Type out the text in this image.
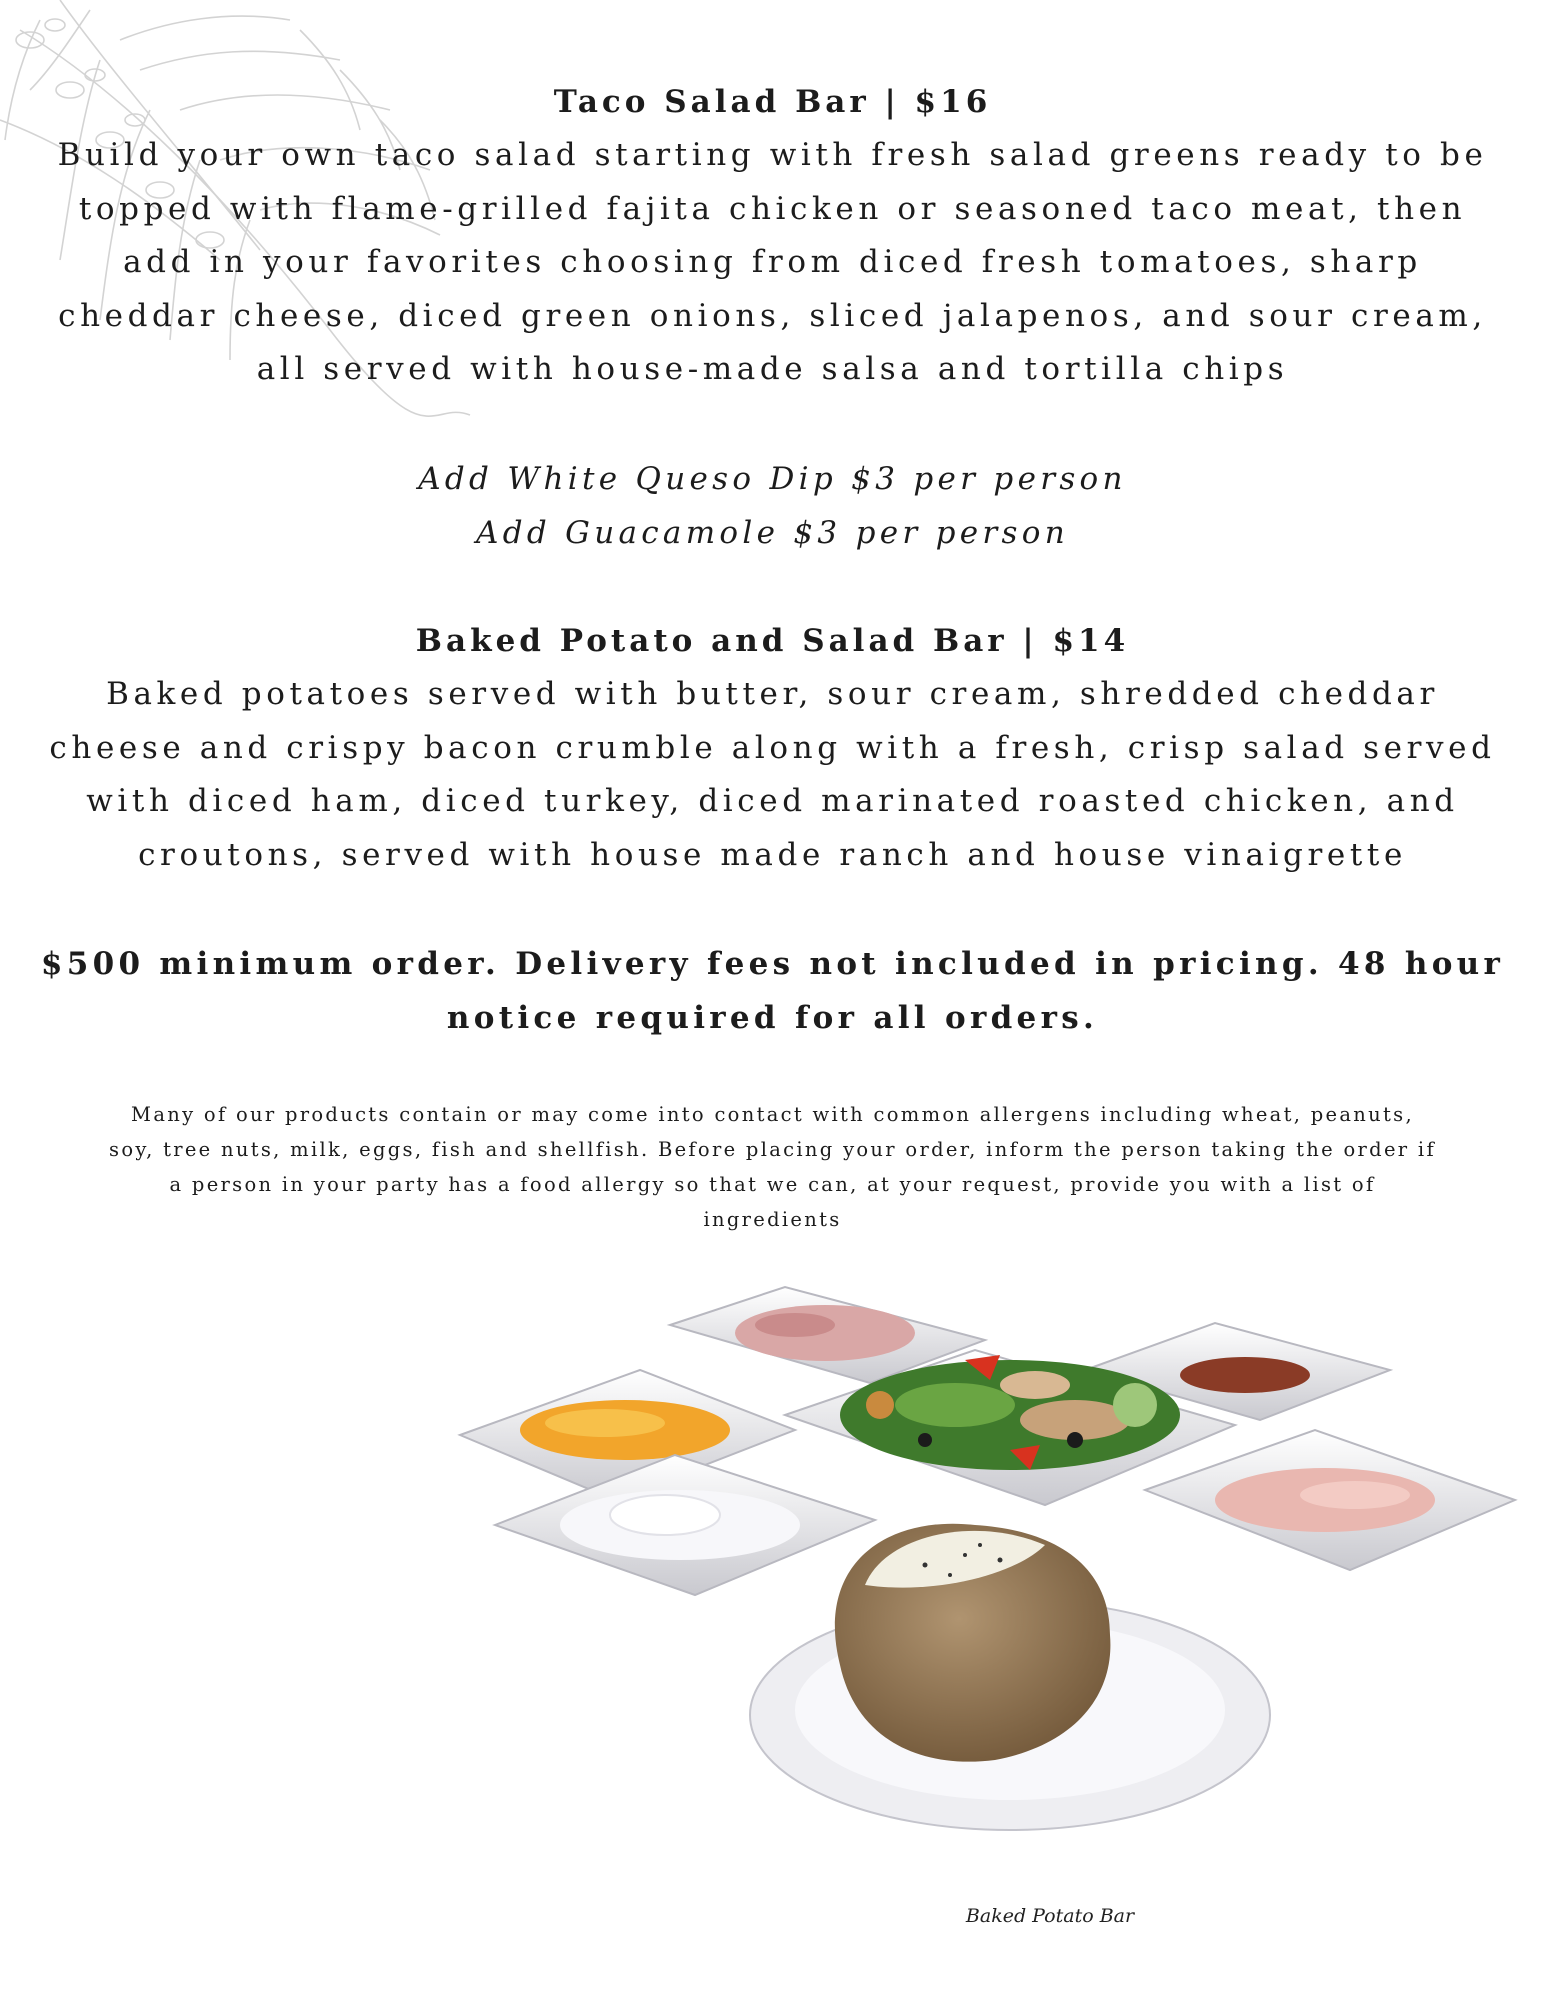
Taco Salad Bar | $16
Build your own taco salad starting with fresh salad greens ready to be
topped with flame-grilled fajita chicken or seasoned taco meat, then
add in your favorites choosing from diced fresh tomatoes, sharp
cheddar cheese, diced green onions, sliced jalapenos, and sour cream,
all served with house-made salsa and tortilla chips
Add White Queso Dip $3 per person
Add Guacamole $3 per person
Baked Potato and Salad Bar | $14
Baked potatoes served with butter, sour cream, shredded cheddar
cheese and crispy bacon crumble along with a fresh, crisp salad served
with diced ham, diced turkey, diced marinated roasted chicken, and
croutons, served with house made ranch and house vinaigrette
$500 minimum order. Delivery fees not included in pricing. 48 hour
notice required for all orders.
Many of our products contain or may come into contact with common allergens including wheat, peanuts,
soy, tree nuts, milk, eggs, fish and shellfish. Before placing your order, inform the person taking the order if
a person in your party has a food allergy so that we can, at your request, provide you with a list of
ingredients
Baked Potato Bar
